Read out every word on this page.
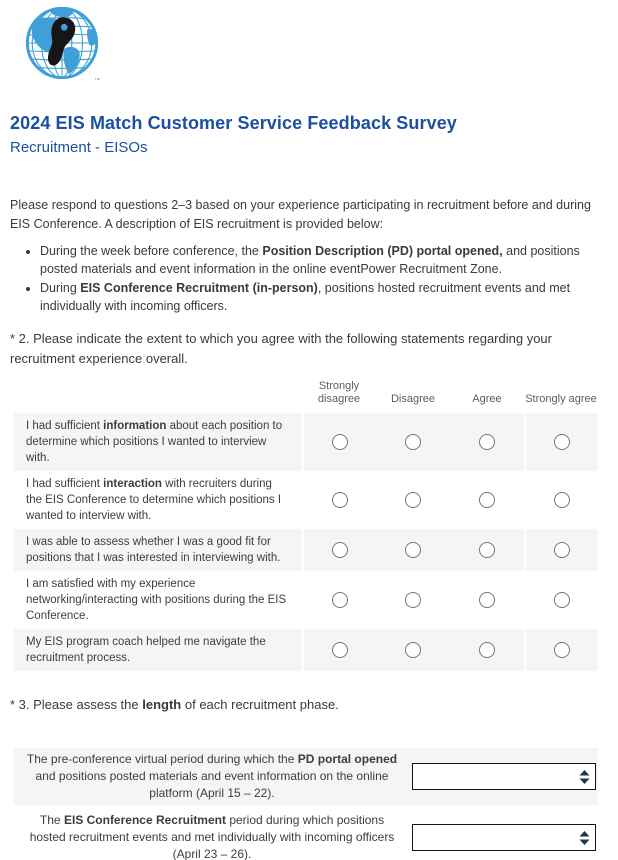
™
2024 EIS Match Customer Service Feedback Survey
Recruitment - EISOs
Please respond to questions 2–3 based on your experience participating in recruitment before and during EIS Conference. A description of EIS recruitment is provided below:
• During the week before conference, the Position Description (PD) portal opened, and positions posted materials and event information in the online eventPower Recruitment Zone.
• During EIS Conference Recruitment (in-person), positions hosted recruitment events and met individually with incoming officers.
* 2. Please indicate the extent to which you agree with the following statements regarding your recruitment experience overall.
Strongly disagree	Disagree	Agree	Strongly agree
I had sufficient information about each position to determine which positions I wanted to interview with.
I had sufficient interaction with recruiters during the EIS Conference to determine which positions I wanted to interview with.
I was able to assess whether I was a good fit for positions that I was interested in interviewing with.
I am satisfied with my experience networking/interacting with positions during the EIS Conference.
My EIS program coach helped me navigate the recruitment process.
* 3. Please assess the length of each recruitment phase.
The pre-conference virtual period during which the PD portal opened and positions posted materials and event information on the online platform (April 15 – 22).
The EIS Conference Recruitment period during which positions hosted recruitment events and met individually with incoming officers (April 23 – 26).
